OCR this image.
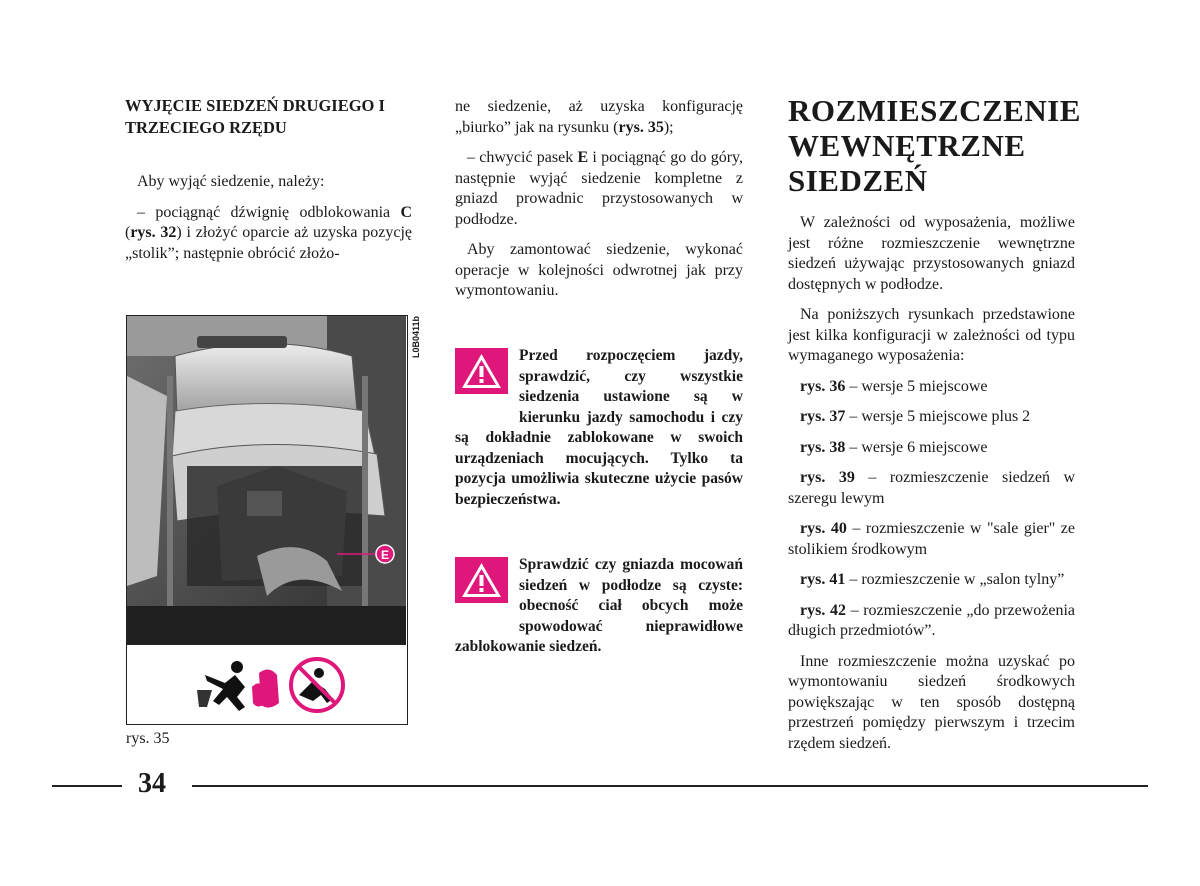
WYJĘCIE SIEDZEŃ DRUGIEGO I TRZECIEGO RZĘDU

Aby wyjąć siedzenie, należy:

– pociągnąć dźwignię odblokowania C (rys. 32) i złożyć oparcie aż uzyska pozycję „stolik”; następnie obrócić złożo-

E
L0B0411b
rys. 35

ne siedzenie, aż uzyska konfigurację „biurko” jak na rysunku (rys. 35);

– chwycić pasek E i pociągnąć go do góry, następnie wyjąć siedzenie kompletne z gniazd prowadnic przystosowanych w podłodze.

Aby zamontować siedzenie, wykonać operacje w kolejności odwrotnej jak przy wymontowaniu.

Przed rozpoczęciem jazdy, sprawdzić, czy wszystkie siedzenia ustawione są w kierunku jazdy samochodu i czy są dokładnie zablokowane w swoich urządzeniach mocujących. Tylko ta pozycja umożliwia skuteczne użycie pasów bezpieczeństwa.
Sprawdzić czy gniazda mocowań siedzeń w podłodze są czyste: obecność ciał obcych może spowodować nieprawidłowe zablokowanie siedzeń.
ROZMIESZCZENIE
WEWNĘTRZNE
SIEDZEŃ

W zależności od wyposażenia, możliwe jest różne rozmieszczenie wewnętrzne siedzeń używając przystosowanych gniazd dostępnych w podłodze.

Na poniższych rysunkach przedstawione jest kilka konfiguracji w zależności od typu wymaganego wyposażenia:

rys. 36 – wersje 5 miejscowe

rys. 37 – wersje 5 miejscowe plus 2

rys. 38 – wersje 6 miejscowe

rys. 39 – rozmieszczenie siedzeń w szeregu lewym

rys. 40 – rozmieszczenie w "sale gier" ze stolikiem środkowym

rys. 41 – rozmieszczenie w „salon tylny”

rys. 42 – rozmieszczenie „do przewożenia długich przedmiotów”.

Inne rozmieszczenie można uzyskać po wymontowaniu siedzeń środkowych powiększając w ten sposób dostępną przestrzeń pomiędzy pierwszym i trzecim rzędem siedzeń.

34
